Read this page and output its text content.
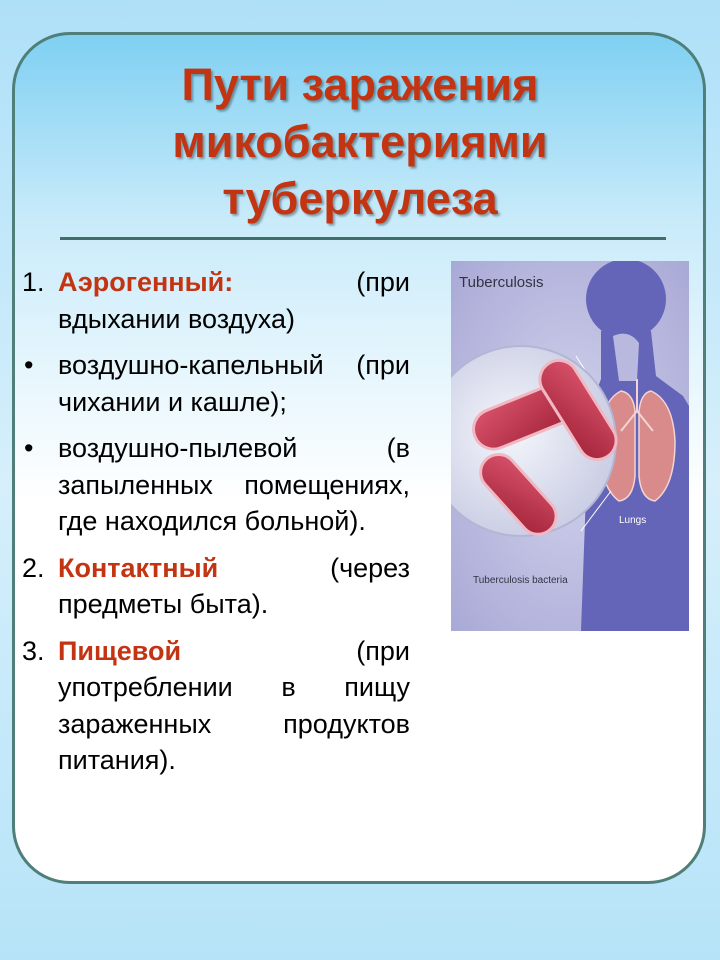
Пути заражения
микобактериями
туберкулеза
1. Аэрогенный:	(при вдыхании воздуха)
• воздушно-капельный (при чихании и кашле);
• воздушно-пылевой (в запыленных помещениях, где находился больной).
2. Контактный	(через предметы быта).
3. Пищевой	(при употреблении в пищу зараженных продуктов питания).
Tuberculosis
Lungs
Tuberculosis bacteria
